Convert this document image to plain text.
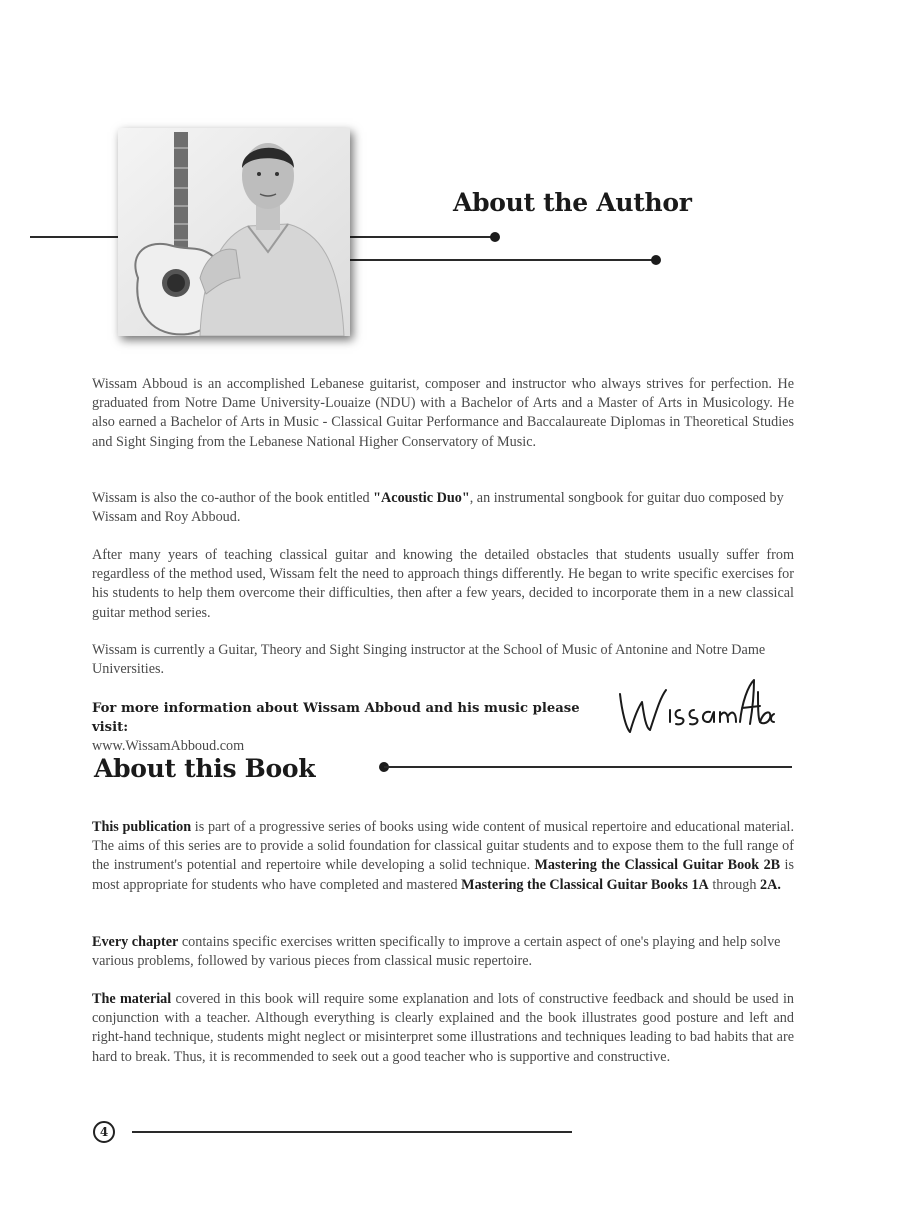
About the Author

Wissam Abboud is an accomplished Lebanese guitarist, composer and instructor who always strives for perfection. He graduated from Notre Dame University-Louaize (NDU) with a Bachelor of Arts and a Master of Arts in Musicology. He also earned a Bachelor of Arts in Music - Classical Guitar Performance and Baccalaureate Diplomas in Theoretical Studies and Sight Singing from the Lebanese National Higher Conservatory of Music.

Wissam is also the co-author of the book entitled "Acoustic Duo", an instrumental songbook for guitar duo composed by Wissam and Roy Abboud.

After many years of teaching classical guitar and knowing the detailed obstacles that students usually suffer from regardless of the method used, Wissam felt the need to approach things differently. He began to write specific exercises for his students to help them overcome their difficulties, then after a few years, decided to incorporate them in a new classical guitar method series.

Wissam is currently a Guitar, Theory and Sight Singing instructor at the School of Music of Antonine and Notre Dame Universities.

For more information about Wissam Abboud and his music please visit:
www.WissamAbboud.com

About this Book

This publication is part of a progressive series of books using wide content of musical repertoire and educational material. The aims of this series are to provide a solid foundation for classical guitar students and to expose them to the full range of the instrument's potential and repertoire while developing a solid technique. Mastering the Classical Guitar Book 2B is most appropriate for students who have completed and mastered Mastering the Classical Guitar Books 1A through 2A.

Every chapter contains specific exercises written specifically to improve a certain aspect of one's playing and help solve various problems, followed by various pieces from classical music repertoire.

The material covered in this book will require some explanation and lots of constructive feedback and should be used in conjunction with a teacher. Although everything is clearly explained and the book illustrates good posture and left and right-hand technique, students might neglect or misinterpret some illustrations and techniques leading to bad habits that are hard to break. Thus, it is recommended to seek out a good teacher who is supportive and constructive.

4
